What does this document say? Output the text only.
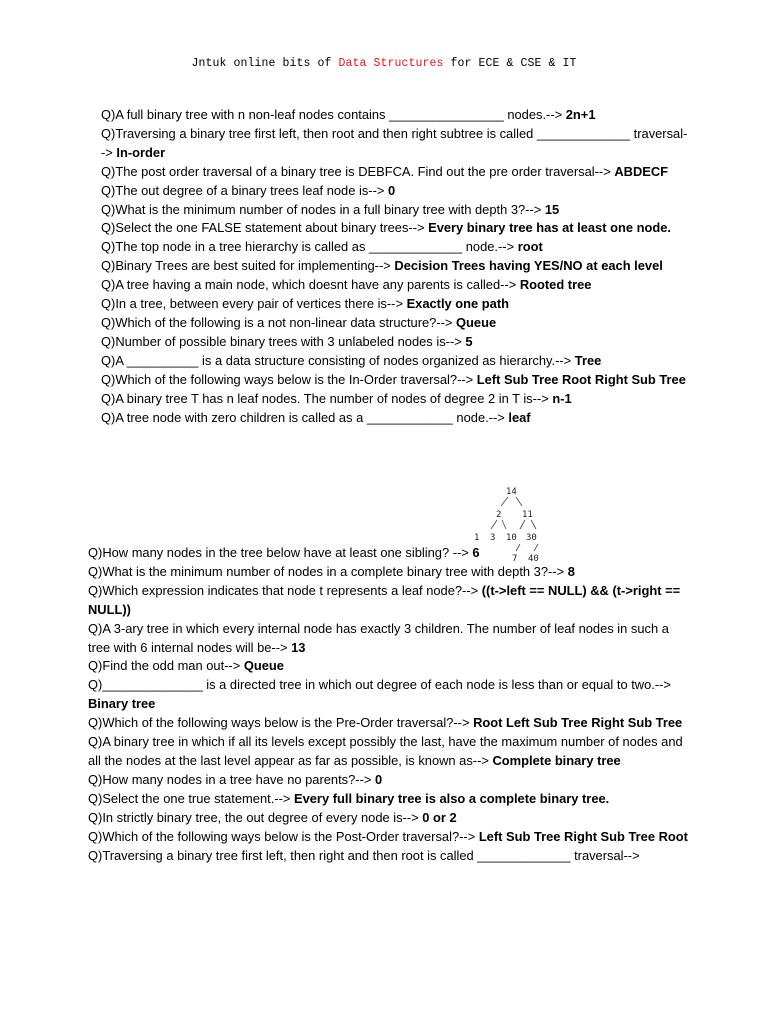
Jntuk online bits of Data Structures for ECE & CSE & IT
Q)A full binary tree with n non-leaf nodes contains ________________ nodes.--> 2n+1
Q)Traversing a binary tree first left, then root and then right subtree is called _____________ traversal--> In-order
Q)The post order traversal of a binary tree is DEBFCA. Find out the pre order traversal--> ABDECF
Q)The out degree of a binary trees leaf node is--> 0
Q)What is the minimum number of nodes in a full binary tree with depth 3?--> 15
Q)Select the one FALSE statement about binary trees--> Every binary tree has at least one node.
Q)The top node in a tree hierarchy is called as _____________ node.--> root
Q)Binary Trees are best suited for implementing--> Decision Trees having YES/NO at each level
Q)A tree having a main node, which doesnt have any parents is called--> Rooted tree
Q)In a tree, between every pair of vertices there is--> Exactly one path
Q)Which of the following is a not non-linear data structure?--> Queue
Q)Number of possible binary trees with 3 unlabeled nodes is--> 5
Q)A __________ is a data structure consisting of nodes organized as hierarchy.--> Tree
Q)Which of the following ways below is the In-Order traversal?--> Left Sub Tree Root Right Sub Tree
Q)A binary tree T has n leaf nodes. The number of nodes of degree 2 in T is--> n-1
Q)A tree node with zero children is called as a ____________ node.--> leaf
14
2 11
1 3 10 30
7 40
Q)How many nodes in the tree below have at least one sibling? --> 6
Q)What is the minimum number of nodes in a complete binary tree with depth 3?--> 8
Q)Which expression indicates that node t represents a leaf node?--> ((t->left == NULL) && (t->right == NULL))
Q)A 3-ary tree in which every internal node has exactly 3 children. The number of leaf nodes in such a tree with 6 internal nodes will be--> 13
Q)Find the odd man out--> Queue
Q)______________ is a directed tree in which out degree of each node is less than or equal to two.--> Binary tree
Q)Which of the following ways below is the Pre-Order traversal?--> Root Left Sub Tree Right Sub Tree
Q)A binary tree in which if all its levels except possibly the last, have the maximum number of nodes and all the nodes at the last level appear as far as possible, is known as--> Complete binary tree
Q)How many nodes in a tree have no parents?--> 0
Q)Select the one true statement.--> Every full binary tree is also a complete binary tree.
Q)In strictly binary tree, the out degree of every node is--> 0 or 2
Q)Which of the following ways below is the Post-Order traversal?--> Left Sub Tree Right Sub Tree Root
Q)Traversing a binary tree first left, then right and then root is called _____________ traversal-->
